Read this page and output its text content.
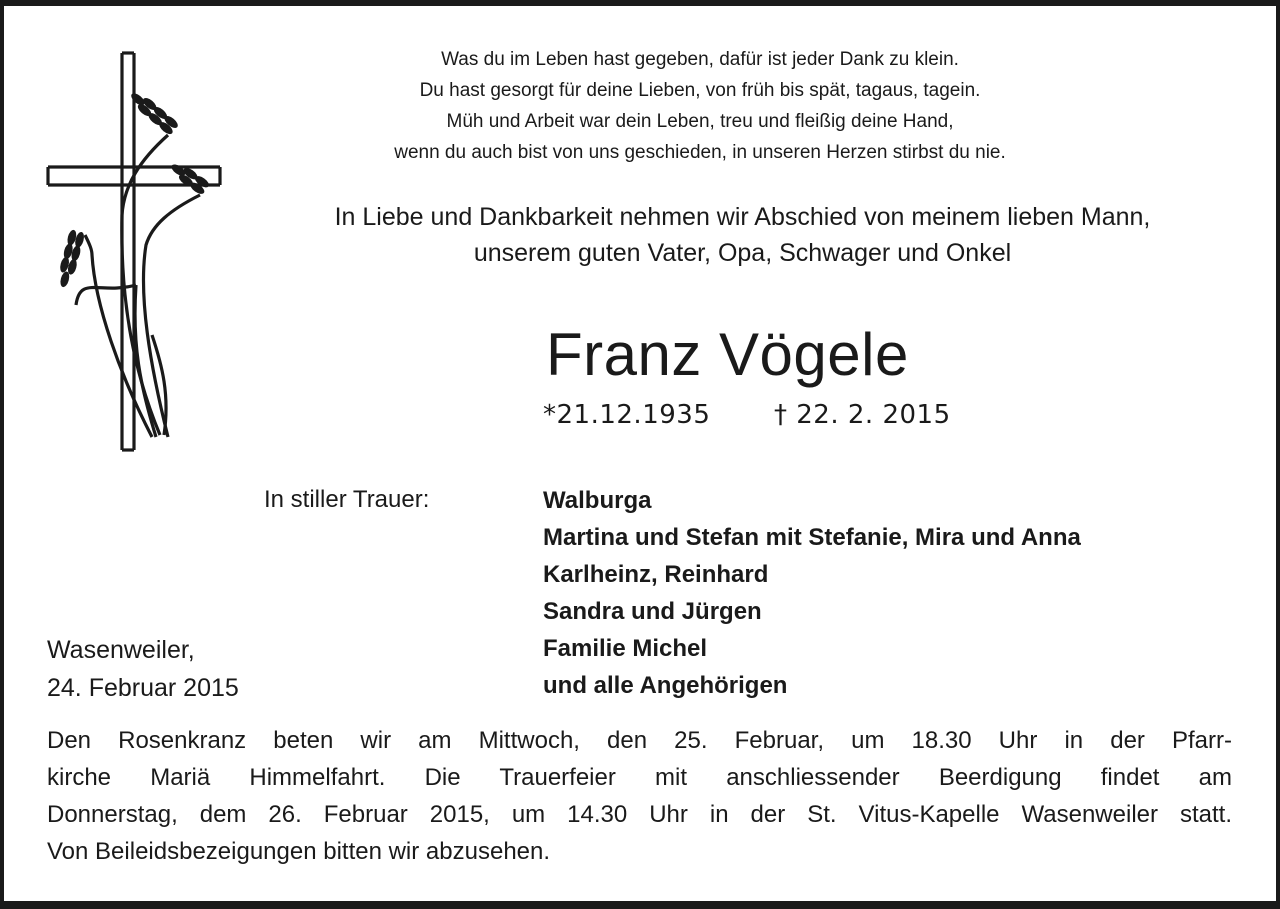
Was du im Leben hast gegeben, dafür ist jeder Dank zu klein.
Du hast gesorgt für deine Lieben, von früh bis spät, tagaus, tagein.
Müh und Arbeit war dein Leben, treu und fleißig deine Hand,
wenn du auch bist von uns geschieden, in unseren Herzen stirbst du nie.
In Liebe und Dankbarkeit nehmen wir Abschied von meinem lieben Mann,
unserem guten Vater, Opa, Schwager und Onkel
Franz Vögele
*21.12.1935 † 22. 2. 2015
In stiller Trauer:	Walburga
Martina und Stefan mit Stefanie, Mira und Anna
Karlheinz, Reinhard
Sandra und Jürgen
Familie Michel
und alle Angehörigen
Wasenweiler,
24. Februar 2015
Den Rosenkranz beten wir am Mittwoch, den 25. Februar, um 18.30 Uhr in der Pfarr-
kirche Mariä Himmelfahrt. Die Trauerfeier mit anschliessender Beerdigung findet am
Donnerstag, dem 26. Februar 2015, um 14.30 Uhr in der St. Vitus-Kapelle Wasenweiler statt.
Von Beileidsbezeigungen bitten wir abzusehen.
